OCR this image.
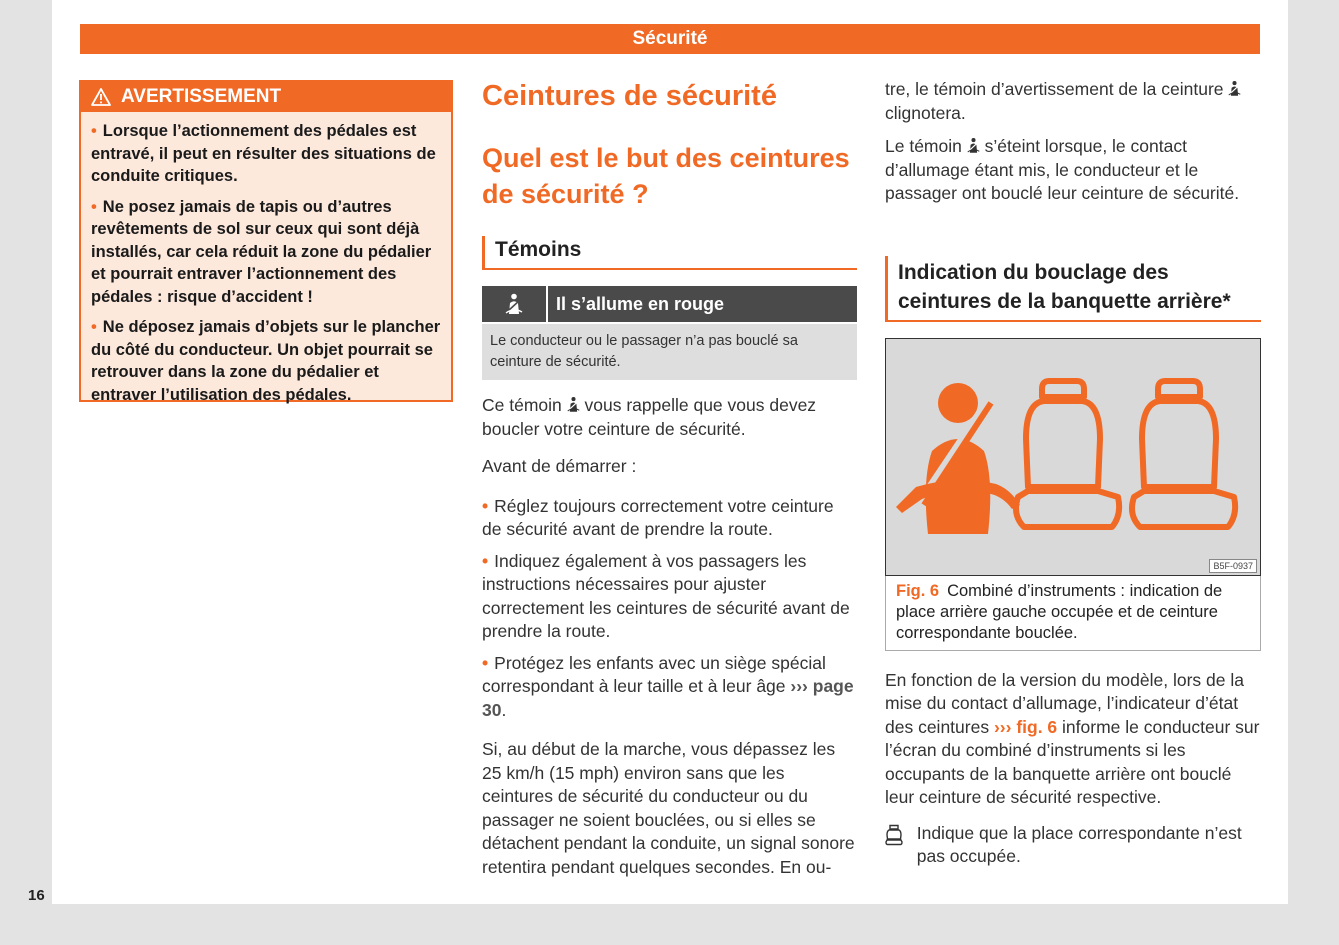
Sécurité
16
AVERTISSEMENT
• Lorsque l’actionnement des pédales est entravé, il peut en résulter des situations de conduite critiques.
• Ne posez jamais de tapis ou d’autres revêtements de sol sur ceux qui sont déjà installés, car cela réduit la zone du pédalier et pourrait entraver l’actionnement des pédales : risque d’accident !
• Ne déposez jamais d’objets sur le plancher du côté du conducteur. Un objet pourrait se retrouver dans la zone du pédalier et entraver l’utilisation des pédales.
Ceintures de sécurité
Quel est le but des ceintures de sécurité ?
Témoins
Il s’allume en rouge
Le conducteur ou le passager n’a pas bouclé sa ceinture de sécurité.
Ce témoin vous rappelle que vous devez boucler votre ceinture de sécurité.
Avant de démarrer :
• Réglez toujours correctement votre ceinture de sécurité avant de prendre la route.
• Indiquez également à vos passagers les instructions nécessaires pour ajuster correctement les ceintures de sécurité avant de prendre la route.
• Protégez les enfants avec un siège spécial correspondant à leur taille et à leur âge ››› page 30.
Si, au début de la marche, vous dépassez les 25 km/h (15 mph) environ sans que les ceintures de sécurité du conducteur ou du passager ne soient bouclées, ou si elles se détachent pendant la conduite, un signal sonore retentira pendant quelques secondes. En ou-
tre, le témoin d’avertissement de la ceinture  clignotera.
Le témoin s’éteint lorsque, le contact d’allumage étant mis, le conducteur et le passager ont bouclé leur ceinture de sécurité.
Indication du bouclage des ceintures de la banquette arrière*
B5F-0937
Fig. 6 Combiné d’instruments : indication de place arrière gauche occupée et de ceinture correspondante bouclée.
En fonction de la version du modèle, lors de la mise du contact d’allumage, l’indicateur d’état des ceintures ››› fig. 6 informe le conducteur sur l’écran du combiné d’instruments si les occupants de la banquette arrière ont bouclé leur ceinture de sécurité respective.
Indique que la place correspondante n’est pas occupée.
